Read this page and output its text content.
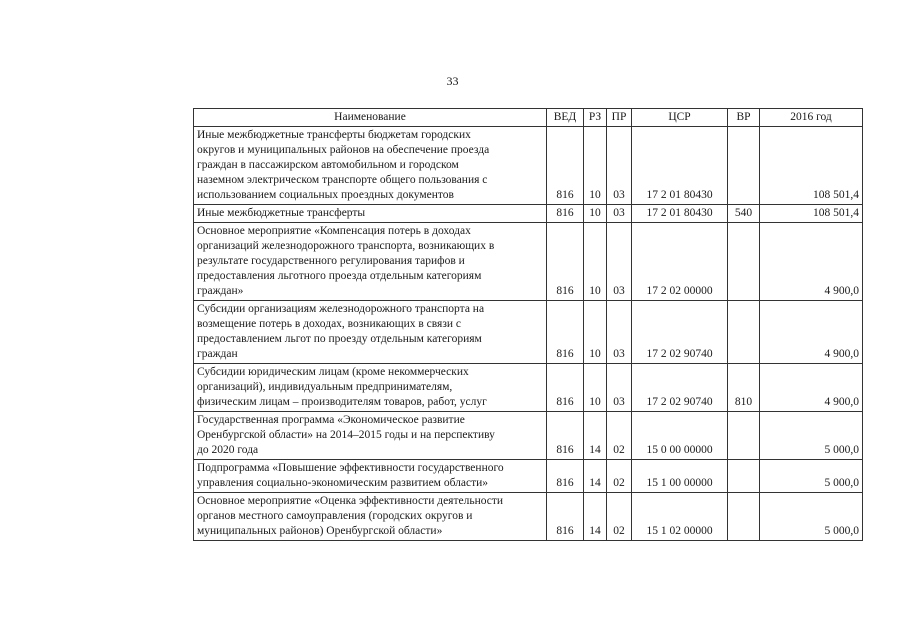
33
Наименование	ВЕД	РЗ	ПР	ЦСР	ВР	2016 год

Иные межбюджетные трансферты бюджетам городских
округов и муниципальных районов на обеспечение проезда
граждан в пассажирском автомобильном и городском
наземном электрическом транспорте общего пользования с
использованием социальных проездных документов	816	10	03	17 2 01 80430		108 501,4

Иные межбюджетные трансферты	816	10	03	17 2 01 80430	540	108 501,4

Основное мероприятие «Компенсация потерь в доходах
организаций железнодорожного транспорта, возникающих в
результате государственного регулирования тарифов и
предоставления льготного проезда отдельным категориям
граждан»	816	10	03	17 2 02 00000		4 900,0

Субсидии организациям железнодорожного транспорта на
возмещение потерь в доходах, возникающих в связи с
предоставлением льгот по проезду отдельным категориям
граждан	816	10	03	17 2 02 90740		4 900,0

Субсидии юридическим лицам (кроме некоммерческих
организаций), индивидуальным предпринимателям,
физическим лицам – производителям товаров, работ, услуг	816	10	03	17 2 02 90740	810	4 900,0

Государственная программа «Экономическое развитие
Оренбургской области» на 2014–2015 годы и на перспективу
до 2020 года	816	14	02	15 0 00 00000		5 000,0

Подпрограмма «Повышение эффективности государственного
управления социально-экономическим развитием области»	816	14	02	15 1 00 00000		5 000,0

Основное мероприятие «Оценка эффективности деятельности
органов местного самоуправления (городских округов и
муниципальных районов) Оренбургской области»	816	14	02	15 1 02 00000		5 000,0
